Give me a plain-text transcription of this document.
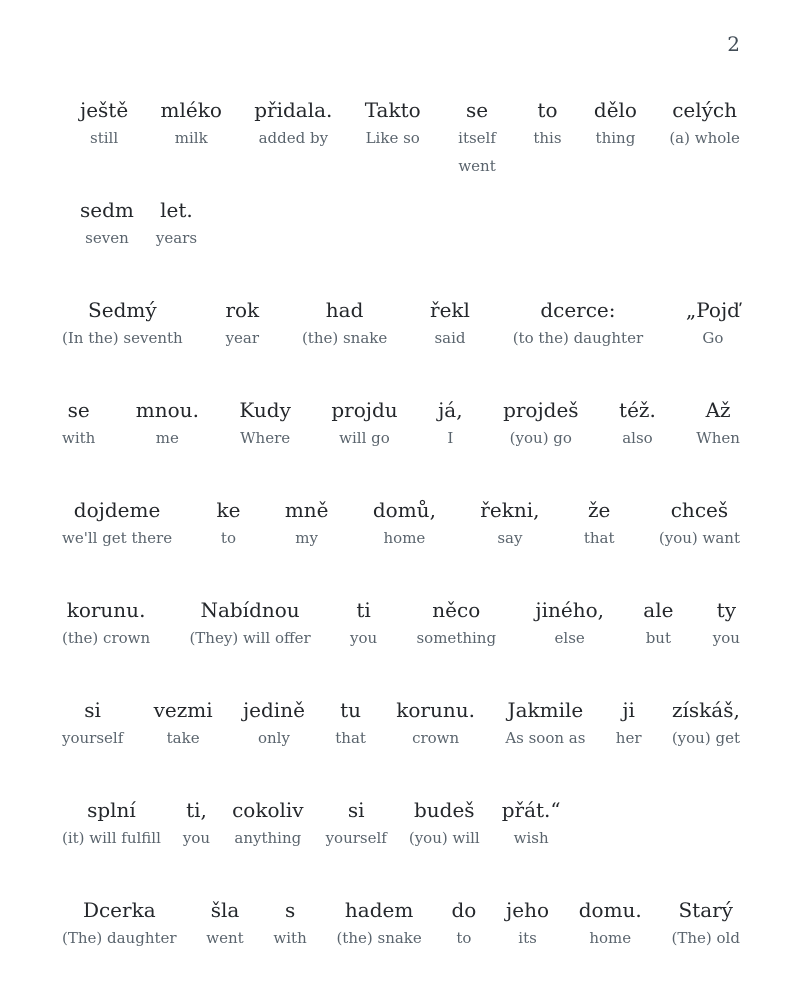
2
ještě
still
mléko
milk
přidala.
added by
Takto
Like so
se
itself went
to
this
dělo
thing
celých
(a) whole
sedm
seven
let.
years
Sedmý
(In the) seventh
rok
year
had
(the) snake
řekl
said
dcerce:
(to the) daughter
„Pojď
Go
se
with
mnou.
me
Kudy
Where
projdu
will go
já,
I
projdeš
(you) go
též.
also
Až
When
dojdeme
we'll get there
ke
to
mně
my
domů,
home
řekni,
say
že
that
chceš
(you) want
korunu.
(the) crown
Nabídnou
(They) will offer
ti
you
něco
something
jiného,
else
ale
but
ty
you
si
yourself
vezmi
take
jedině
only
tu
that
korunu.
crown
Jakmile
As soon as
ji
her
získáš,
(you) get
splní
(it) will fulfill
ti,
you
cokoliv
anything
si
yourself
budeš
(you) will
přát.“
wish
Dcerka
(The) daughter
šla
went
s
with
hadem
(the) snake
do
to
jeho
its
domu.
home
Starý
(The) old
